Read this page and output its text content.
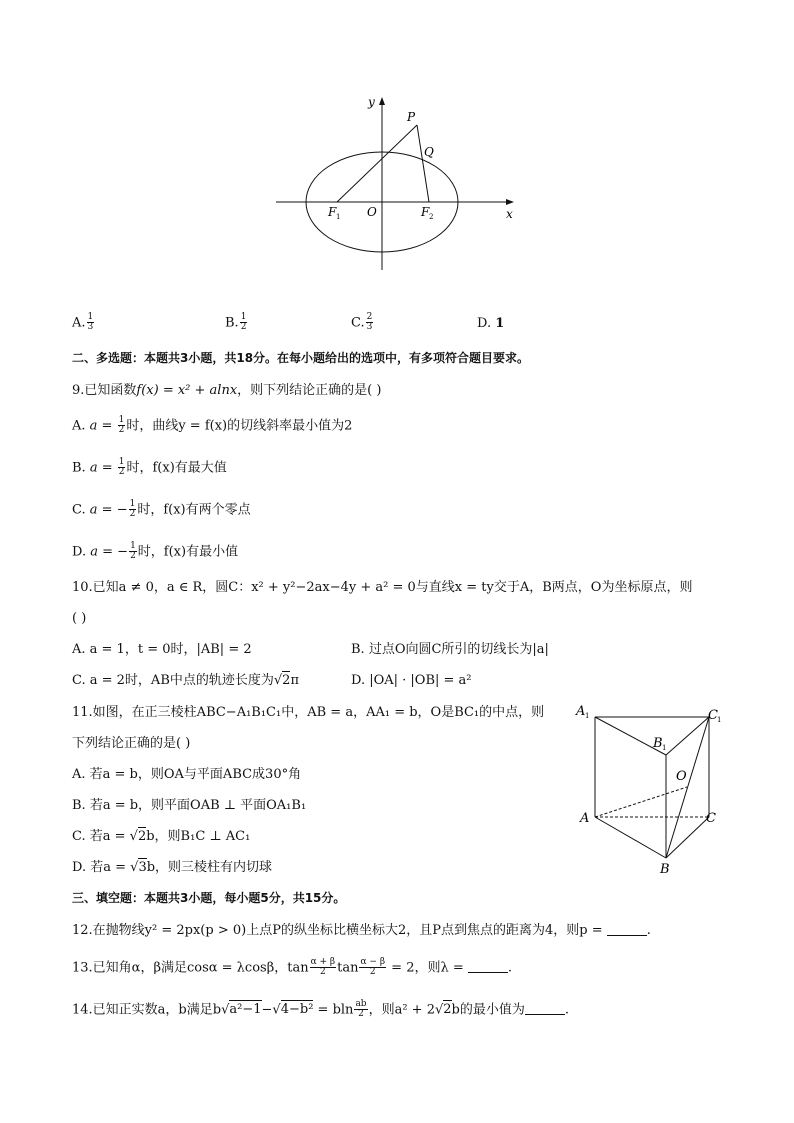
y
x
P
Q
O
F 1	F 2
A. $\frac{1}{3}$	B. $\frac{1}{2}$	C. $\frac{2}{3}$	D. 1
二、多选题：本题共3小题，共18分。在每小题给出的选项中，有多项符合题目要求。
9.已知函数f(x) = x² + alnx，则下列结论正确的是( )
A. $a = \frac{1}{2}$ 时，曲线y = f(x)的切线斜率最小值为2
B. $a = \frac{1}{2}$ 时，f(x)有最大值
C. a = − $\frac{1}{2}$ 时，f(x)有两个零点
D. a = − $\frac{1}{2}$ 时，f(x)有最小值
10.已知a ≠ 0，a ∈ R，圆C：x² + y²−2ax−4y + a² = 0与直线x = ty交于A，B两点，O为坐标原点，则
( )
A. a = 1，t = 0时，|AB| = 2	B. 过点O向圆C所引的切线长为|a|
C. a = 2时，AB中点的轨迹长度为√2π	D. |OA| · |OB| = a²
11.如图，在正三棱柱ABC−A₁B₁C₁中，AB = a，AA₁ = b，O是BC₁的中点，则
下列结论正确的是( )
A. 若a = b，则OA与平面ABC成30°角
B. 若a = b，则平面OAB ⊥ 平面OA₁B₁
C. 若a = √2b，则B₁C ⊥ AC₁
D. 若a = √3b，则三棱柱有内切球
A 1	C 1
B 1
O
A	C
B
三、填空题：本题共3小题，每小题5分，共15分。
12.在抛物线y² = 2px(p > 0)上点P的纵坐标比横坐标大2，且P点到焦点的距离为4，则p =	.
13.已知角α，β满足cosα = λcosβ，$\tan \frac{\alpha + \beta}{2}$ $\tan \frac{\alpha - \beta}{2} = 2$，则λ =	.
14.已知正实数a，b满足b√a²−1−√4−b² = bln $\frac{ab}{2}$ ，则a² + 2√2b的最小值为	.
